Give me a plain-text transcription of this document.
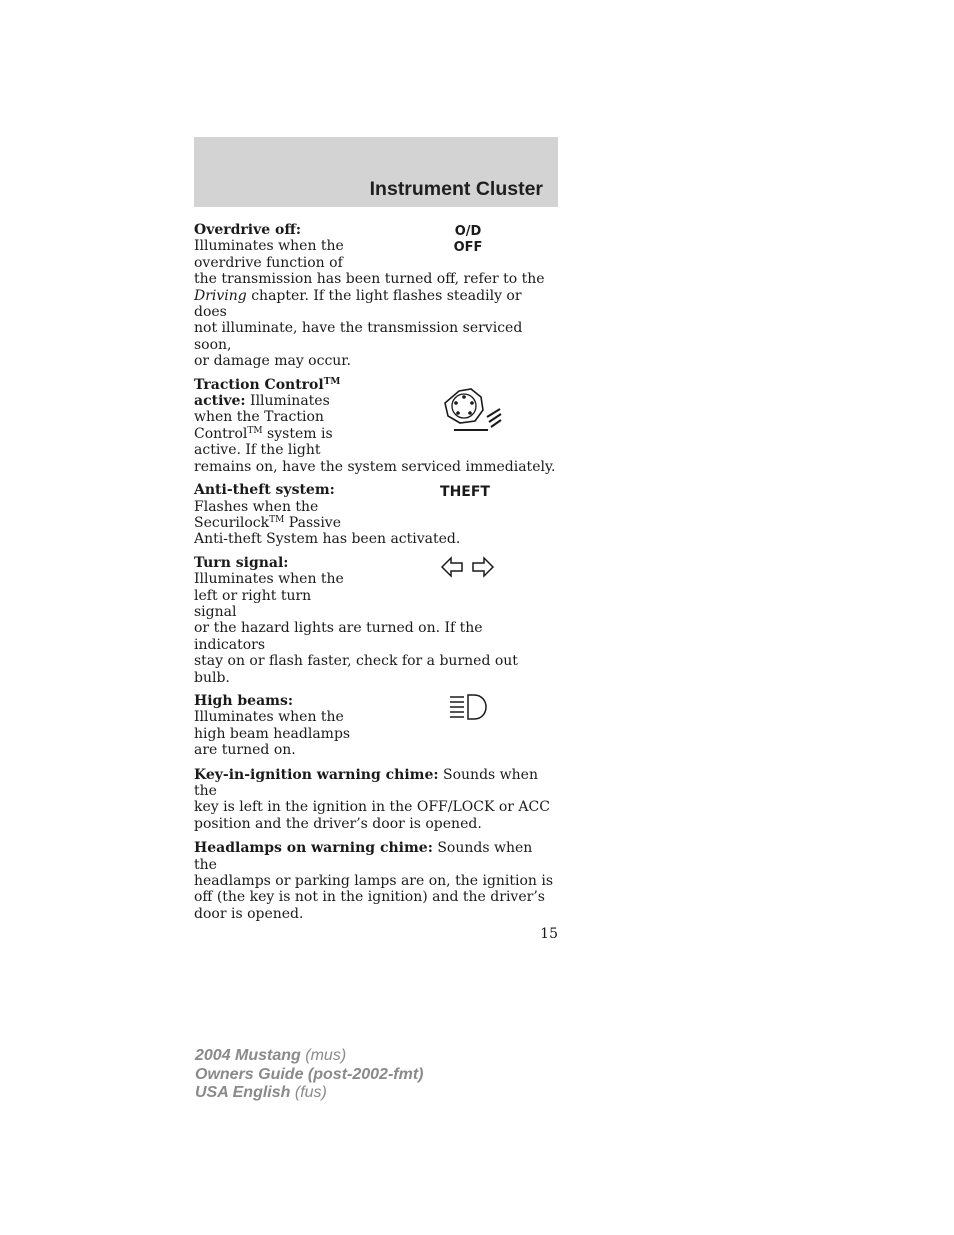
Instrument Cluster
Overdrive off:
Illuminates when the
overdrive function of
the transmission has been turned off, refer to the
Driving chapter. If the light flashes steadily or does
not illuminate, have the transmission serviced soon,
or damage may occur.
O/D
OFF
Traction Control™
active: Illuminates
when the Traction
Control™ system is
active. If the light
remains on, have the system serviced immediately.
Anti-theft system:
Flashes when the
Securilock™ Passive
Anti-theft System has been activated.
THEFT
Turn signal:
Illuminates when the
left or right turn signal
or the hazard lights are turned on. If the indicators
stay on or flash faster, check for a burned out bulb.
High beams:
Illuminates when the
high beam headlamps
are turned on.
Key-in-ignition warning chime: Sounds when the
key is left in the ignition in the OFF/LOCK or ACC
position and the driver’s door is opened.
Headlamps on warning chime: Sounds when the
headlamps or parking lamps are on, the ignition is
off (the key is not in the ignition) and the driver’s
door is opened.
15
2004 Mustang (mus)
Owners Guide (post-2002-fmt)
USA English (fus)
